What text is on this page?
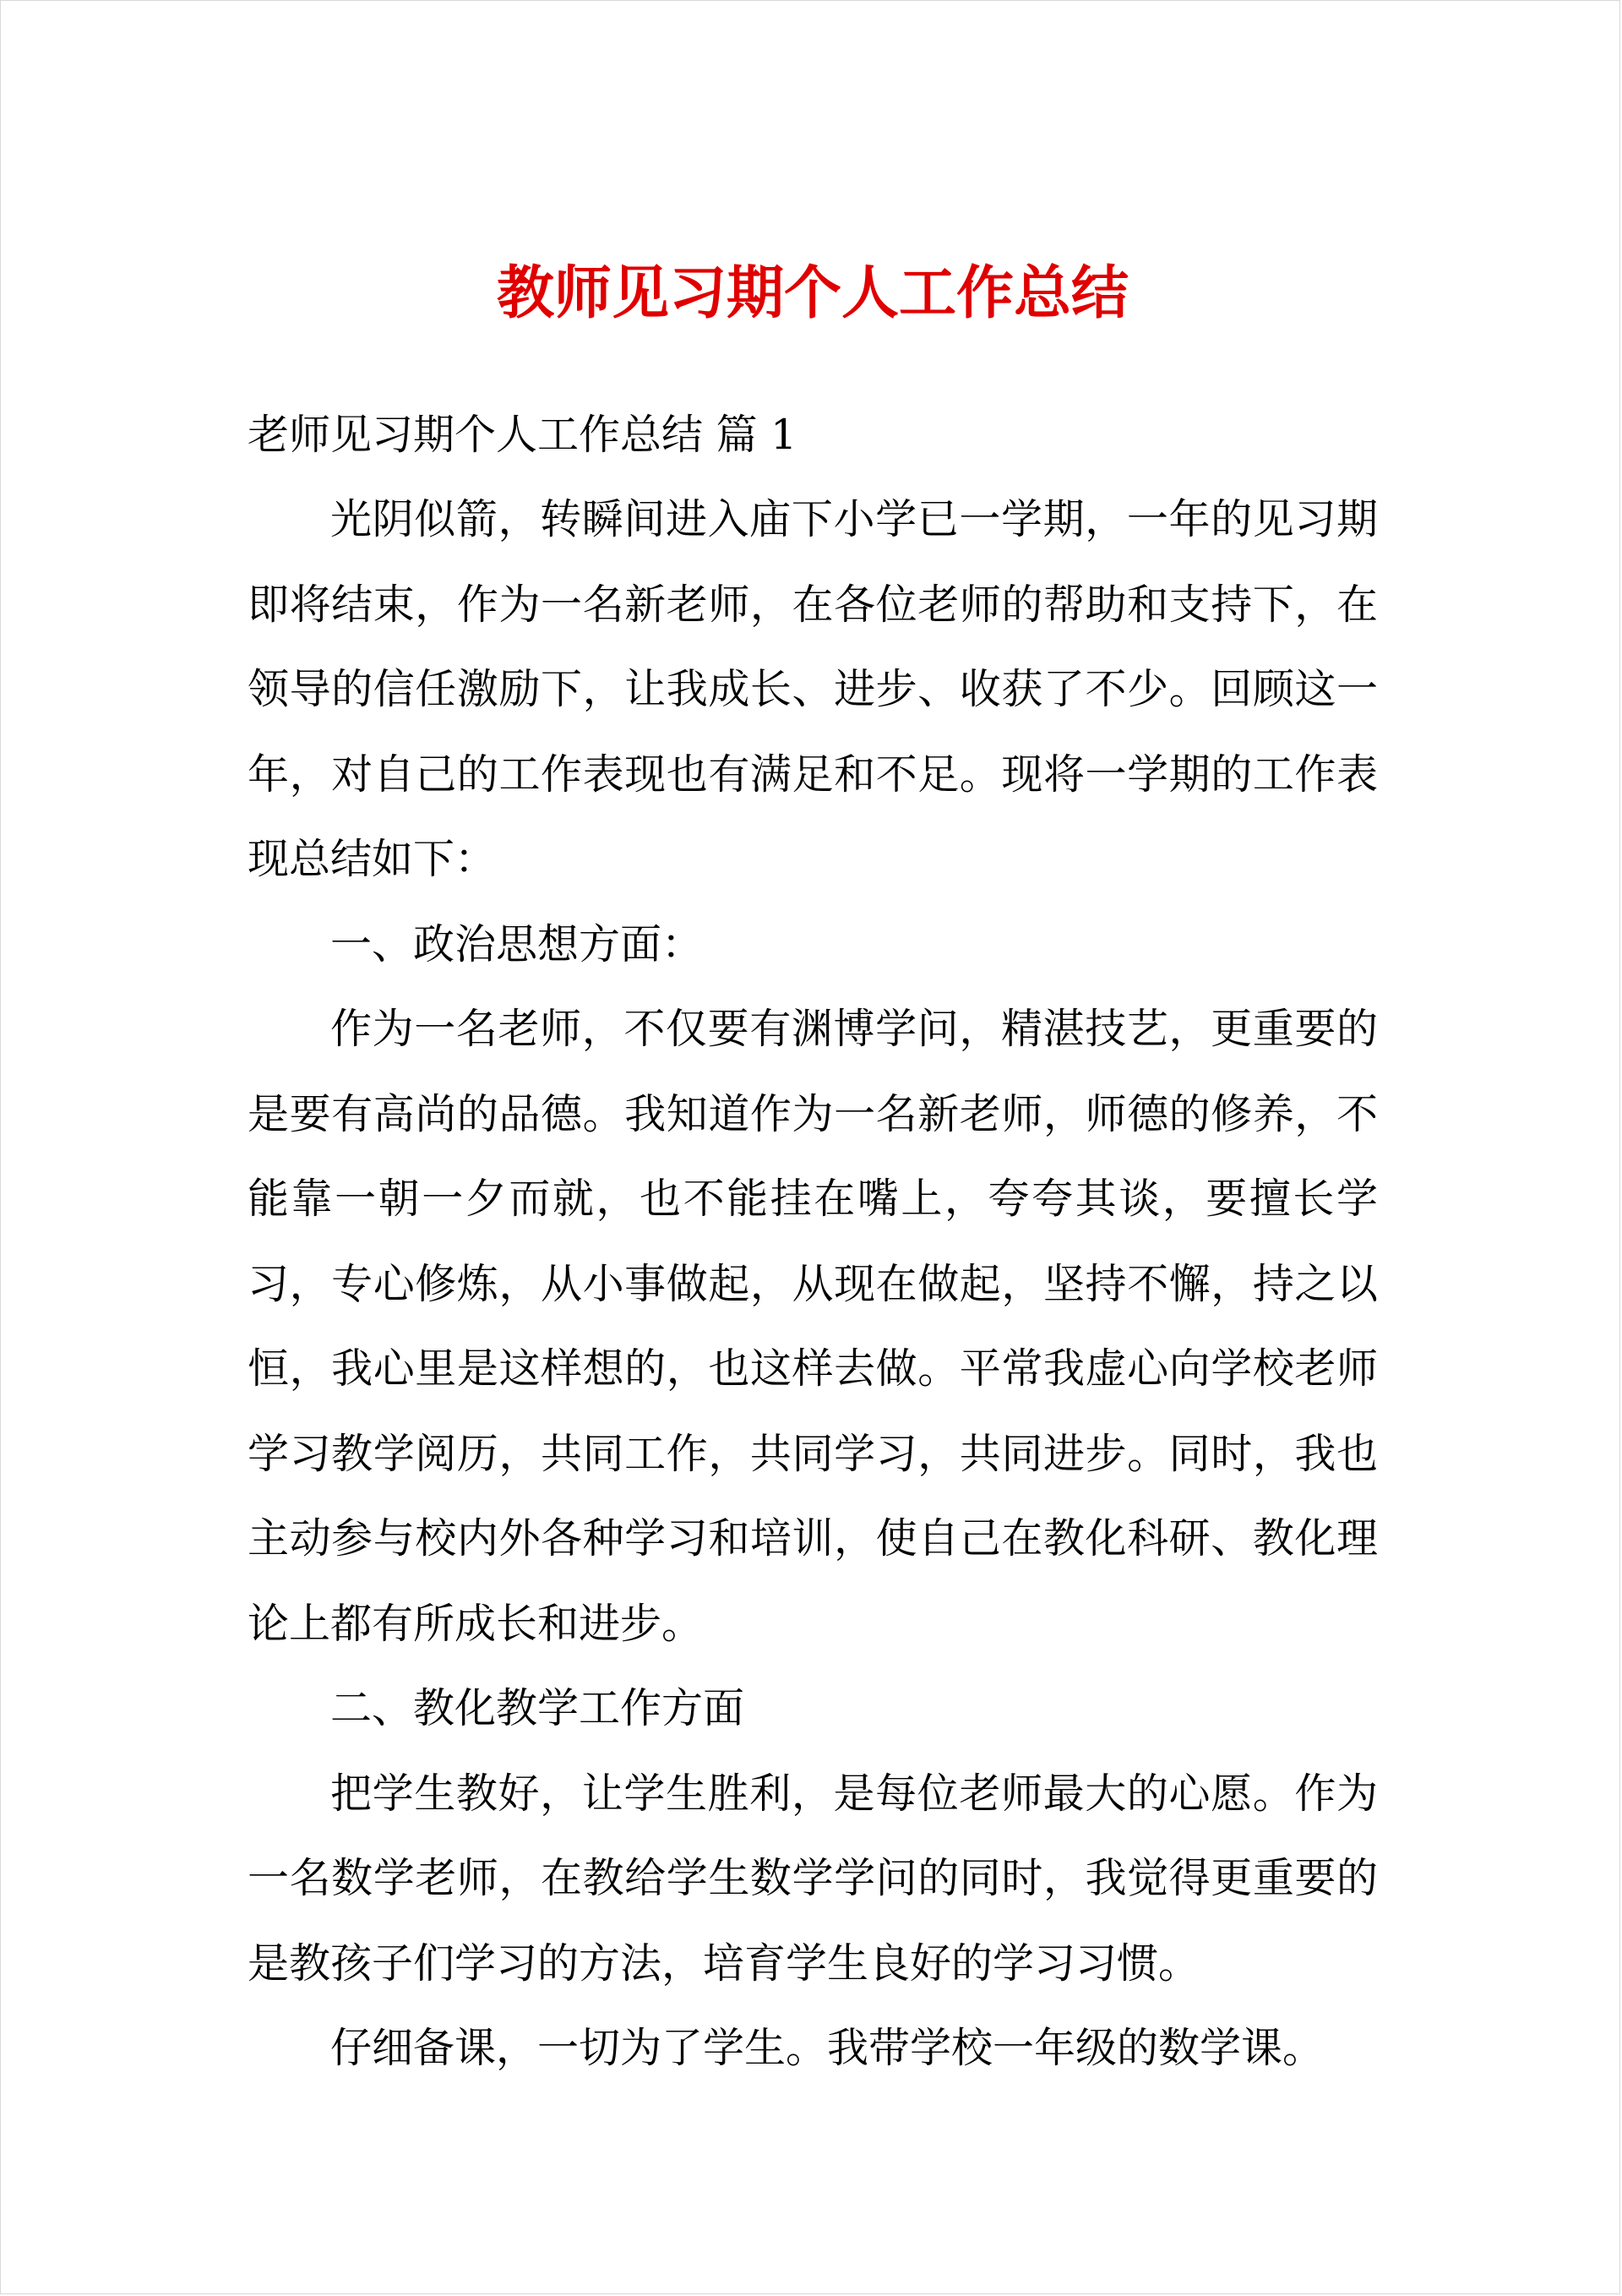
教师见习期个人工作总结
老师见习期个人工作总结 篇 1

光阴似箭，转瞬间进入庙下小学已一学期，一年的见习期即将结束，作为一名新老师，在各位老师的帮助和支持下，在领导的信任激励下，让我成长、进步、收获了不少。回顾这一年，对自己的工作表现也有满足和不足。现将一学期的工作表现总结如下：

一、政治思想方面：

作为一名老师，不仅要有渊博学问，精湛技艺，更重要的是要有高尚的品德。我知道作为一名新老师，师德的修养，不能靠一朝一夕而就，也不能挂在嘴上，夸夸其谈，要擅长学习，专心修炼，从小事做起，从现在做起，坚持不懈，持之以恒，我心里是这样想的，也这样去做。平常我虚心向学校老师学习教学阅历，共同工作，共同学习，共同进步。同时，我也主动参与校内外各种学习和培训，使自己在教化科研、教化理论上都有所成长和进步。

二、教化教学工作方面

把学生教好，让学生胜利，是每位老师最大的心愿。作为一名数学老师，在教给学生数学学问的同时，我觉得更重要的是教孩子们学习的方法，培育学生良好的学习习惯。

仔细备课，一切为了学生。我带学校一年级的数学课。
